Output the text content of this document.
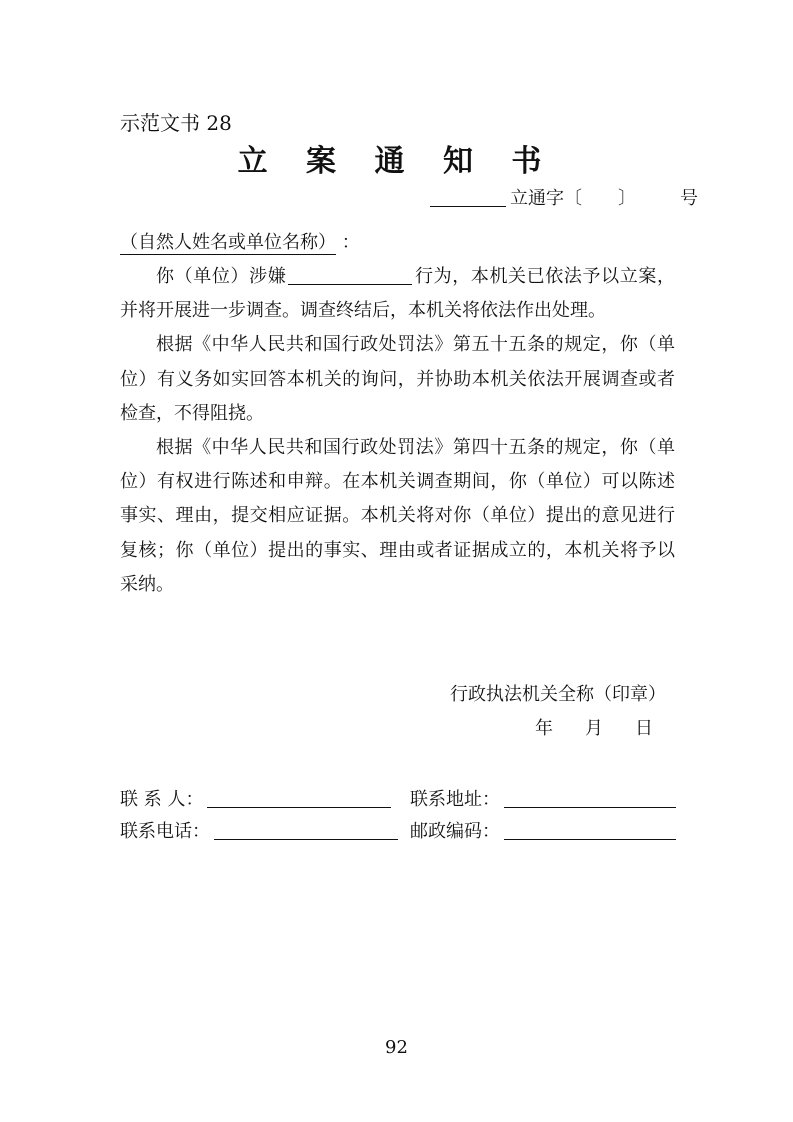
示范文书 28
立 案 通 知 书
立通字〔 〕 号
（自然人姓名或单位名称） ：

你（单位）涉嫌	行为，本机关已依法予以立案，并将开展进一步调查。调查终结后，本机关将依法作出处理。

根据《中华人民共和国行政处罚法》第五十五条的规定，你（单位）有义务如实回答本机关的询问，并协助本机关依法开展调查或者检查，不得阻挠。

根据《中华人民共和国行政处罚法》第四十五条的规定，你（单位）有权进行陈述和申辩。在本机关调查期间，你（单位）可以陈述事实、理由，提交相应证据。本机关将对你（单位）提出的意见进行复核；你（单位）提出的事实、理由或者证据成立的，本机关将予以采纳。

行政执法机关全称（印章）
年 月 日
联 系 人：	联系地址：
联系电话：	邮政编码：
92
